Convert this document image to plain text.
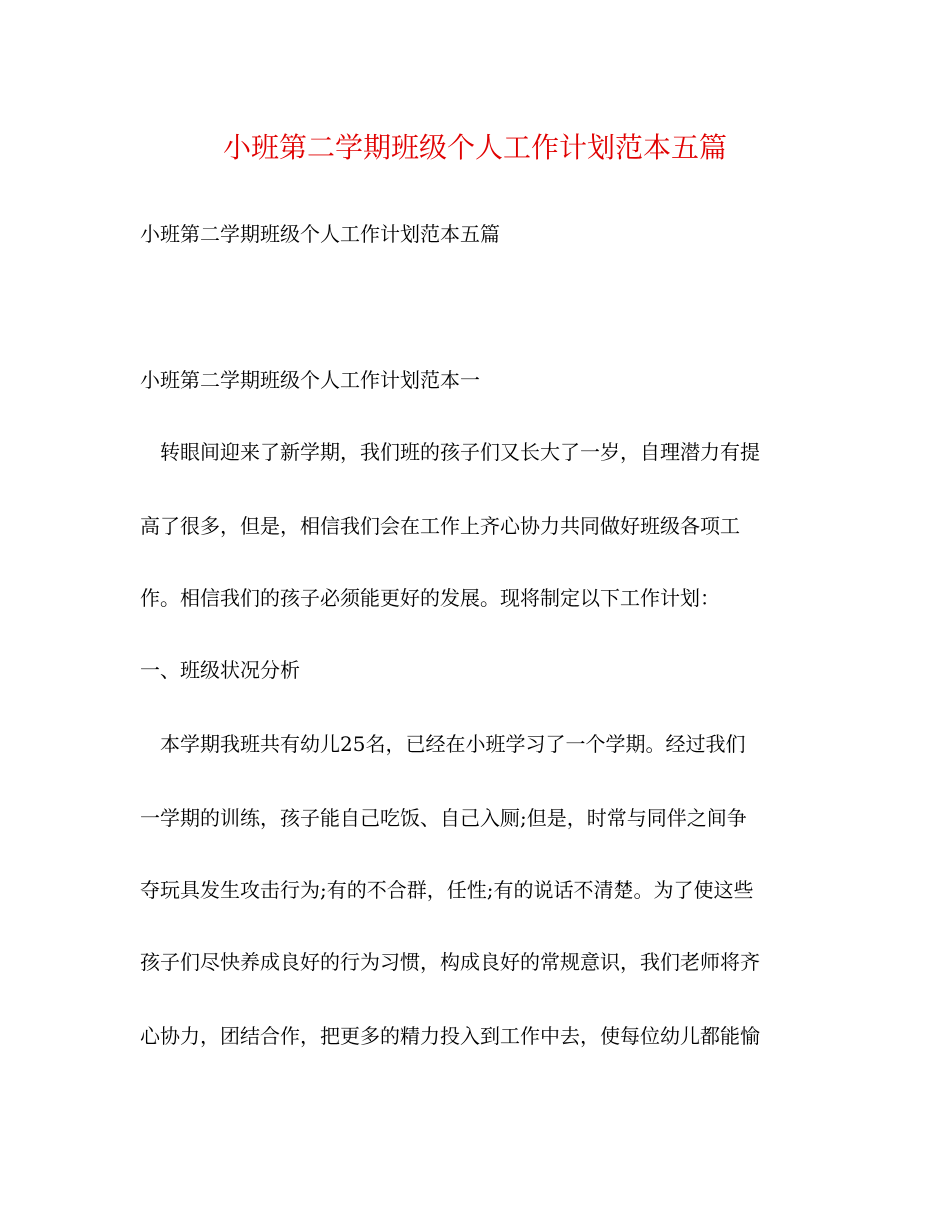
小班第二学期班级个人工作计划范本五篇
小班第二学期班级个人工作计划范本五篇
小班第二学期班级个人工作计划范本一
转眼间迎来了新学期，我们班的孩子们又长大了一岁，自理潜力有提
高了很多，但是，相信我们会在工作上齐心协力共同做好班级各项工
作。相信我们的孩子必须能更好的发展。现将制定以下工作计划：
一、班级状况分析
本学期我班共有幼儿25名，已经在小班学习了一个学期。经过我们
一学期的训练，孩子能自己吃饭、自己入厕;但是，时常与同伴之间争
夺玩具发生攻击行为;有的不合群，任性;有的说话不清楚。为了使这些
孩子们尽快养成良好的行为习惯，构成良好的常规意识，我们老师将齐
心协力，团结合作，把更多的精力投入到工作中去，使每位幼儿都能愉
